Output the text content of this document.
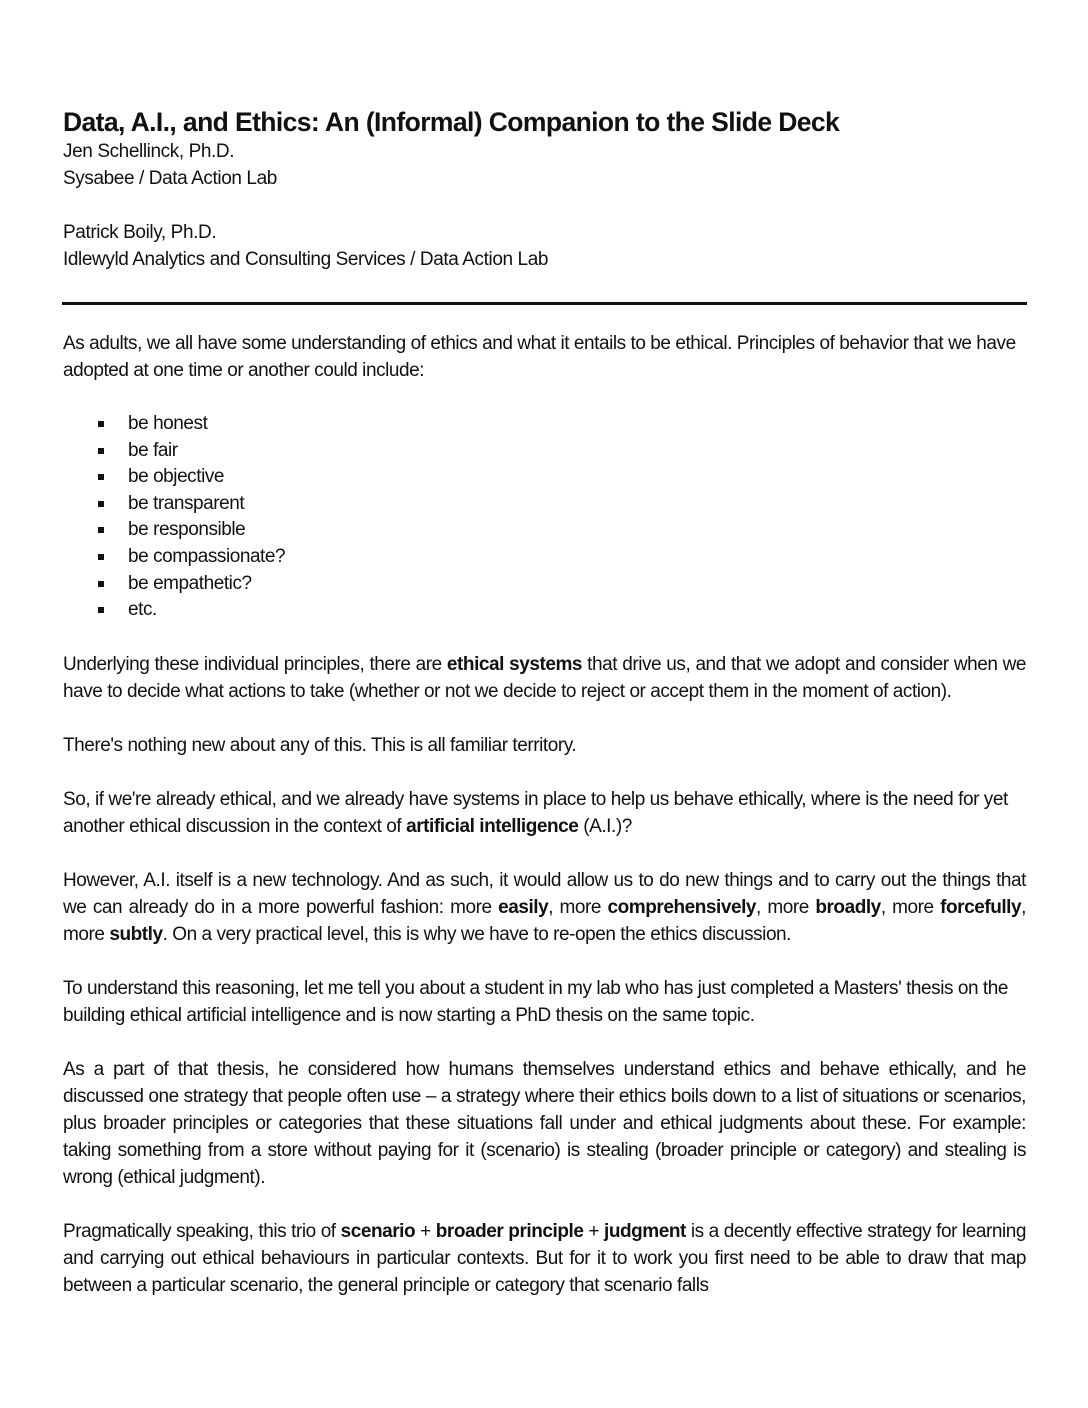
Data, A.I., and Ethics: An (Informal) Companion to the Slide Deck
Jen Schellinck, Ph.D.
Sysabee / Data Action Lab
Patrick Boily, Ph.D.
Idlewyld Analytics and Consulting Services / Data Action Lab

As adults, we all have some understanding of ethics and what it entails to be ethical. Principles of behavior that we have adopted at one time or another could include:

be honest
be fair
be objective
be transparent
be responsible
be compassionate?
be empathetic?
etc.

Underlying these individual principles, there are ethical systems that drive us, and that we adopt and consider when we have to decide what actions to take (whether or not we decide to reject or accept them in the moment of action).

There's nothing new about any of this. This is all familiar territory.

So, if we're already ethical, and we already have systems in place to help us behave ethically, where is the need for yet another ethical discussion in the context of artificial intelligence (A.I.)?

However, A.I. itself is a new technology. And as such, it would allow us to do new things and to carry out the things that we can already do in a more powerful fashion: more easily, more comprehensively, more broadly, more forcefully, more subtly. On a very practical level, this is why we have to re-open the ethics discussion.

To understand this reasoning, let me tell you about a student in my lab who has just completed a Masters' thesis on the building ethical artificial intelligence and is now starting a PhD thesis on the same topic.

As a part of that thesis, he considered how humans themselves understand ethics and behave ethically, and he discussed one strategy that people often use – a strategy where their ethics boils down to a list of situations or scenarios, plus broader principles or categories that these situations fall under and ethical judgments about these. For example: taking something from a store without paying for it (scenario) is stealing (broader principle or category) and stealing is wrong (ethical judgment).

Pragmatically speaking, this trio of scenario + broader principle + judgment is a decently effective strategy for learning and carrying out ethical behaviours in particular contexts. But for it to work you first need to be able to draw that map between a particular scenario, the general principle or category that scenario falls
